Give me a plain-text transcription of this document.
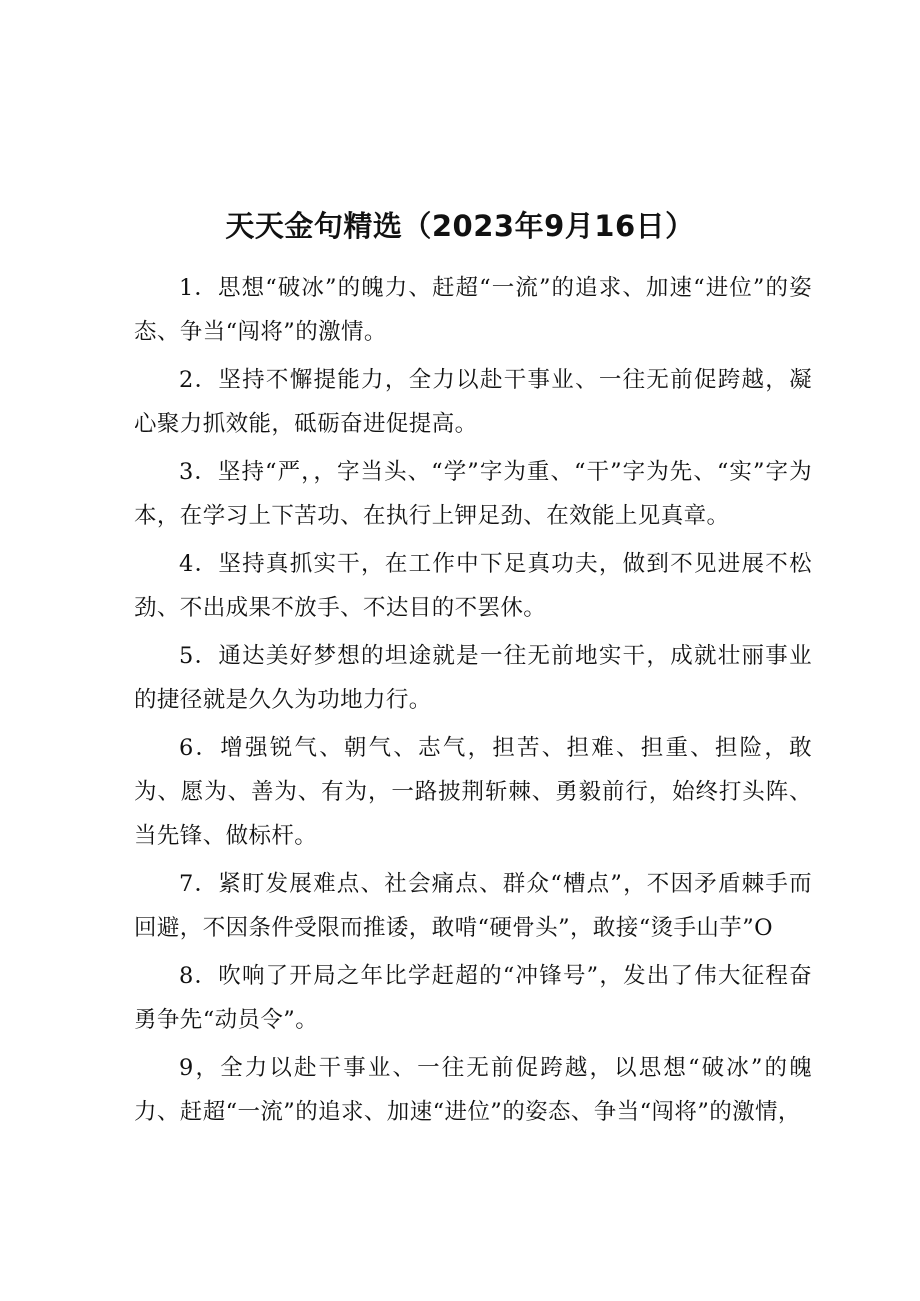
天天金句精选（2023年9月16日）

1．思想“破冰”的魄力、赶超“一流”的追求、加速“进位”的姿态、争当“闯将”的激情。

2．坚持不懈提能力，全力以赴干事业、一往无前促跨越，凝心聚力抓效能，砥砺奋进促提高。

3．坚持“严，，字当头、“学”字为重、“干”字为先、“实”字为本，在学习上下苦功、在执行上钾足劲、在效能上见真章。

4．坚持真抓实干，在工作中下足真功夫，做到不见进展不松劲、不出成果不放手、不达目的不罢休。

5．通达美好梦想的坦途就是一往无前地实干，成就壮丽事业的捷径就是久久为功地力行。

6．增强锐气、朝气、志气，担苦、担难、担重、担险，敢为、愿为、善为、有为，一路披荆斩棘、勇毅前行，始终打头阵、当先锋、做标杆。

7．紧盯发展难点、社会痛点、群众“槽点”，不因矛盾棘手而回避，不因条件受限而推诿，敢啃“硬骨头”，敢接“烫手山芋”O

8．吹响了开局之年比学赶超的“冲锋号”，发出了伟大征程奋勇争先“动员令”。

9，全力以赴干事业、一往无前促跨越，以思想“破冰”的魄力、赶超“一流”的追求、加速“进位”的姿态、争当“闯将”的激情，
